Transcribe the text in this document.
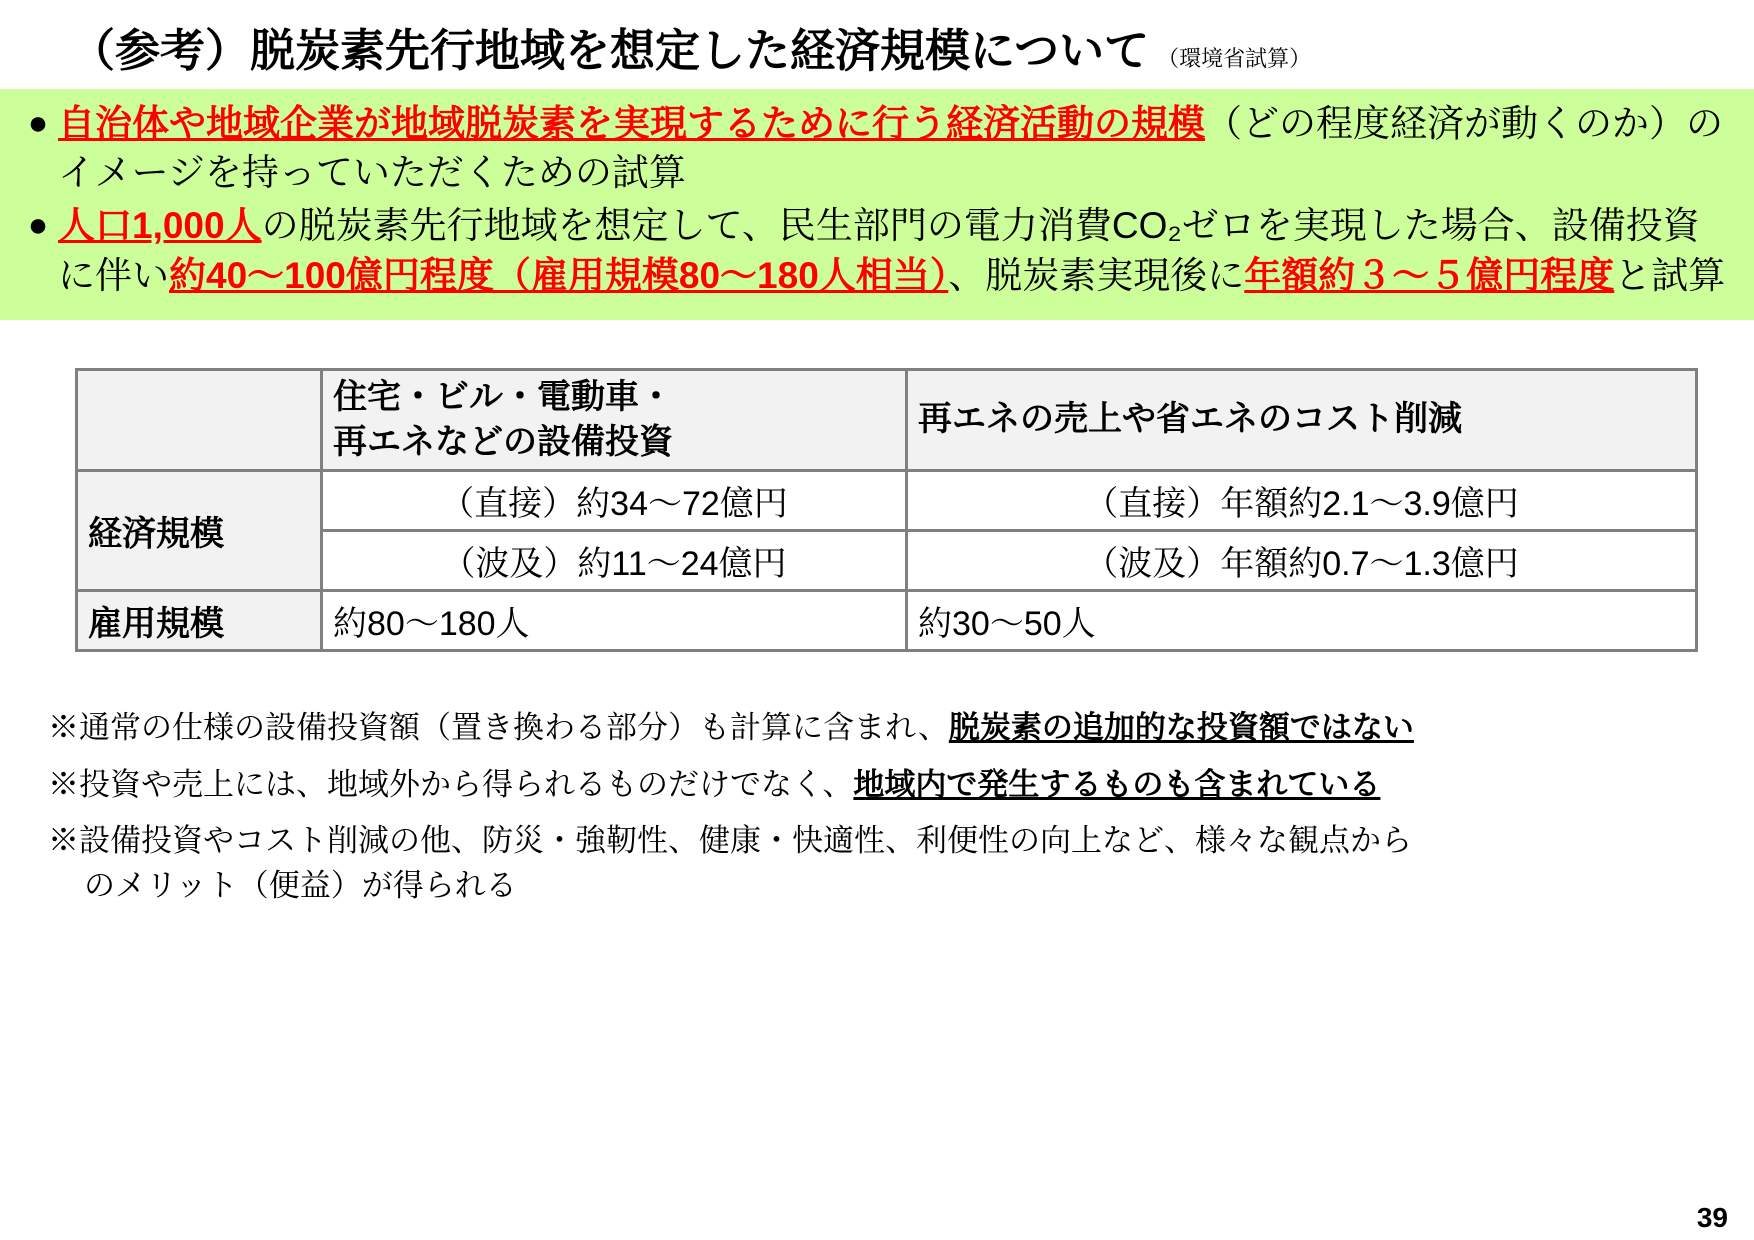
（参考）脱炭素先行地域を想定した経済規模について （環境省試算）
● 自治体や地域企業が地域脱炭素を実現するために行う経済活動の規模（どの程度経済が動くのか）のイメージを持っていただくための試算
● 人口1,000人の脱炭素先行地域を想定して、民生部門の電力消費CO₂ゼロを実現した場合、設備投資に伴い約40～100億円程度（雇用規模80～180人相当）、脱炭素実現後に年額約３～５億円程度と試算

	住宅・ビル・電動車・
再エネなどの設備投資	再エネの売上や省エネのコスト削減
経済規模	（直接）約34～72億円	（直接）年額約2.1～3.9億円
	（波及）約11～24億円	（波及）年額約0.7～1.3億円
雇用規模	約80～180人	約30～50人
※通常の仕様の設備投資額（置き換わる部分）も計算に含まれ、脱炭素の追加的な投資額ではない
※投資や売上には、地域外から得られるものだけでなく、地域内で発生するものも含まれている
※設備投資やコスト削減の他、防災・強靭性、健康・快適性、利便性の向上など、様々な観点から
のメリット（便益）が得られる
39
